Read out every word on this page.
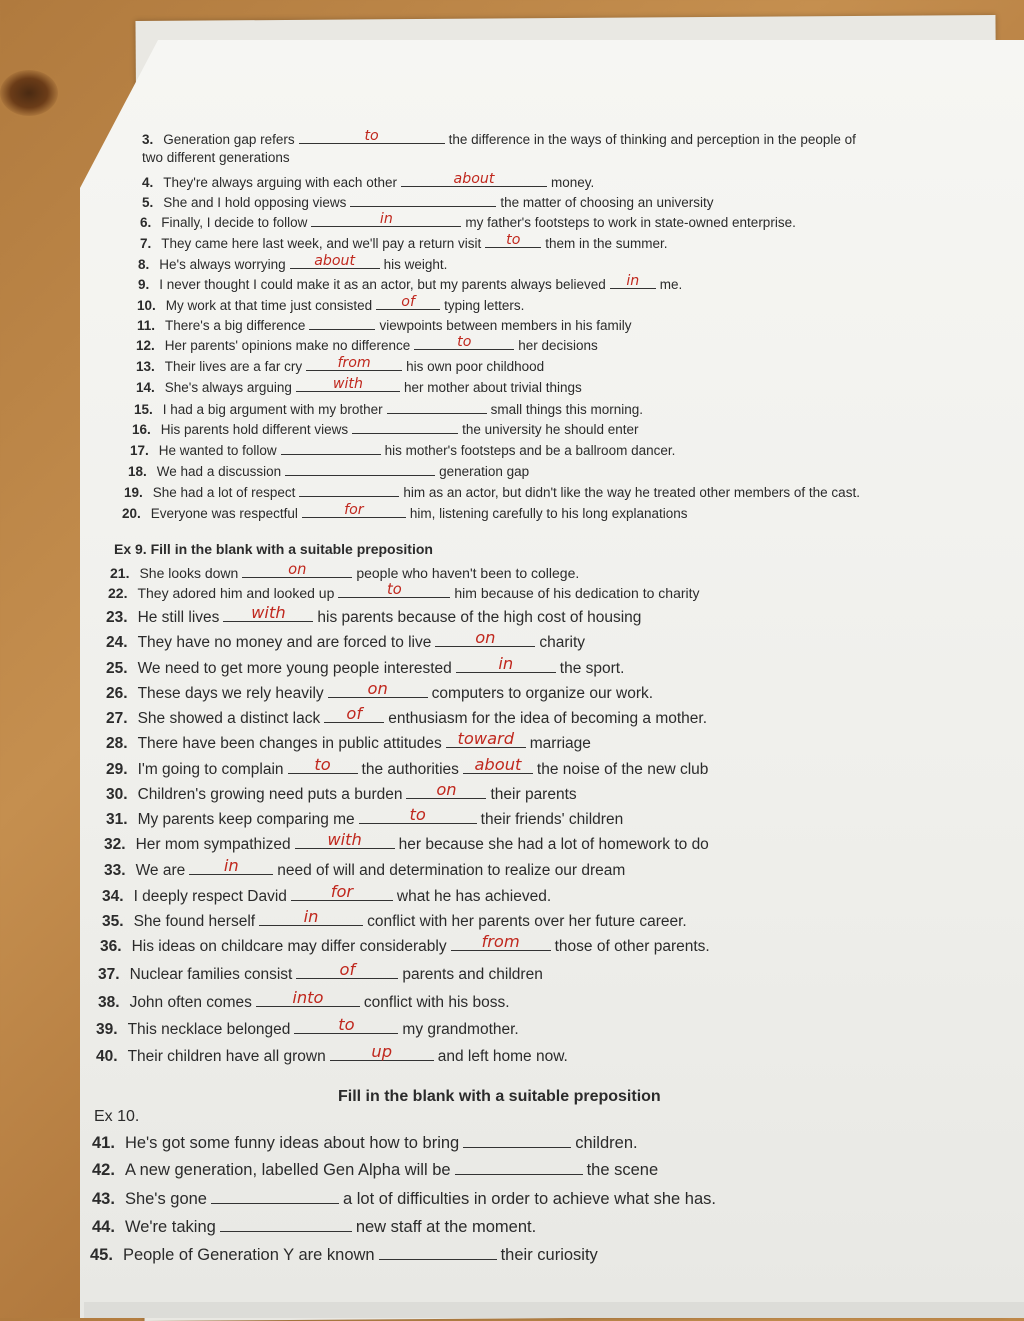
3. Generation gap refers	to	the difference in the ways of thinking and perception in the people of
two different generations
4. They're always arguing with each other	about	money.
5. She and I hold opposing views	the matter of choosing an university
6. Finally, I decide to follow	in	my father's footsteps to work in state-owned enterprise.
7. They came here last week, and we'll pay a return visit	to	them in the summer.
8. He's always worrying	about	his weight.
9. I never thought I could make it as an actor, but my parents always believed	in	me.
10. My work at that time just consisted	of	typing letters.
11. There's a big difference	viewpoints between members in his family
12. Her parents' opinions make no difference	to	her decisions
13. Their lives are a far cry	from	his own poor childhood
14. She's always arguing	with	her mother about trivial things
15. I had a big argument with my brother	small things this morning.
16. His parents hold different views	the university he should enter
17. He wanted to follow	his mother's footsteps and be a ballroom dancer.
18. We had a discussion	generation gap
19. She had a lot of respect	him as an actor, but didn't like the way he treated other members of the cast.
20. Everyone was respectful	for	him, listening carefully to his long explanations
Ex 9. Fill in the blank with a suitable preposition
21. She looks down	on	people who haven't been to college.
22. They adored him and looked up	to	him because of his dedication to charity
23. He still lives	with	his parents because of the high cost of housing
24. They have no money and are forced to live	on	charity
25. We need to get more young people interested	in	the sport.
26. These days we rely heavily	on	computers to organize our work.
27. She showed a distinct lack	of	enthusiasm for the idea of becoming a mother.
28. There have been changes in public attitudes toward	marriage
29. I'm going to complain	to	the authorities about	the noise of the new club
30. Children's growing need puts a burden	on	their parents
31. My parents keep comparing me	to	their friends' children
32. Her mom sympathized	with	her because she had a lot of homework to do
33. We are	in	need of will and determination to realize our dream
34. I deeply respect David	for	what he has achieved.
35. She found herself	in	conflict with her parents over her future career.
36. His ideas on childcare may differ considerably	from	those of other parents.
37. Nuclear families consist	of	parents and children
38. John often comes	into	conflict with his boss.
39. This necklace belonged	to	my grandmother.
40. Their children have all grown	up	and left home now.
Ex 10.
Fill in the blank with a suitable preposition
41. He's got some funny ideas about how to bring	children.
42. A new generation, labelled Gen Alpha will be	the scene
43. She's gone	a lot of difficulties in order to achieve what she has.
44. We're taking	new staff at the moment.
45. People of Generation Y are known	their curiosity
